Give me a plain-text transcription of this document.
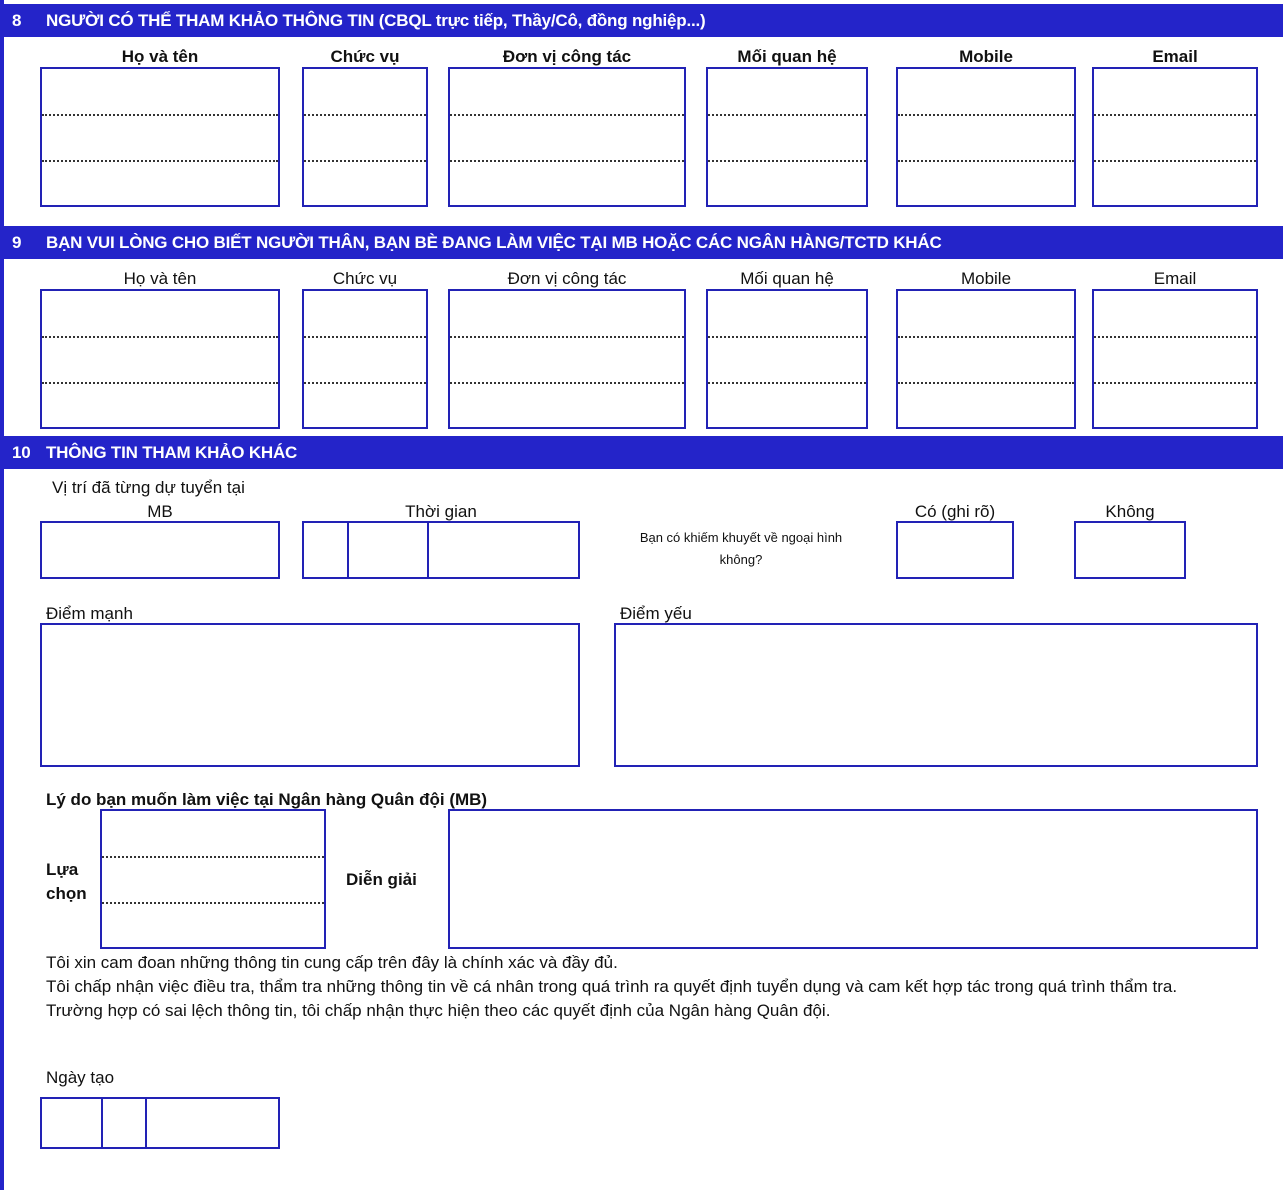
8 NGƯỜI CÓ THỂ THAM KHẢO THÔNG TIN (CBQL trực tiếp, Thầy/Cô, đồng nghiệp...)
Họ và tên	Chức vụ	Đơn vị công tác	Mối quan hệ	Mobile	Email
9 BẠN VUI LÒNG CHO BIẾT NGƯỜI THÂN, BẠN BÈ ĐANG LÀM VIỆC TẠI MB HOẶC CÁC NGÂN HÀNG/TCTD KHÁC
Họ và tên	Chức vụ	Đơn vị công tác	Mối quan hệ	Mobile	Email
10 THÔNG TIN THAM KHẢO KHÁC
Vị trí đã từng dự tuyển tại
MB	Thời gian
Bạn có khiếm khuyết về ngoại hình
không?
Có (ghi rõ)	Không
Điểm mạnh	Điểm yếu
Lý do bạn muốn làm việc tại Ngân hàng Quân đội (MB)
Lựa
chọn
Diễn giải
Tôi xin cam đoan những thông tin cung cấp trên đây là chính xác và đầy đủ.
Tôi chấp nhận việc điều tra, thẩm tra những thông tin về cá nhân trong quá trình ra quyết định tuyển dụng và cam kết hợp tác trong quá trình thẩm tra.
Trường hợp có sai lệch thông tin, tôi chấp nhận thực hiện theo các quyết định của Ngân hàng Quân đội.
Ngày tạo
